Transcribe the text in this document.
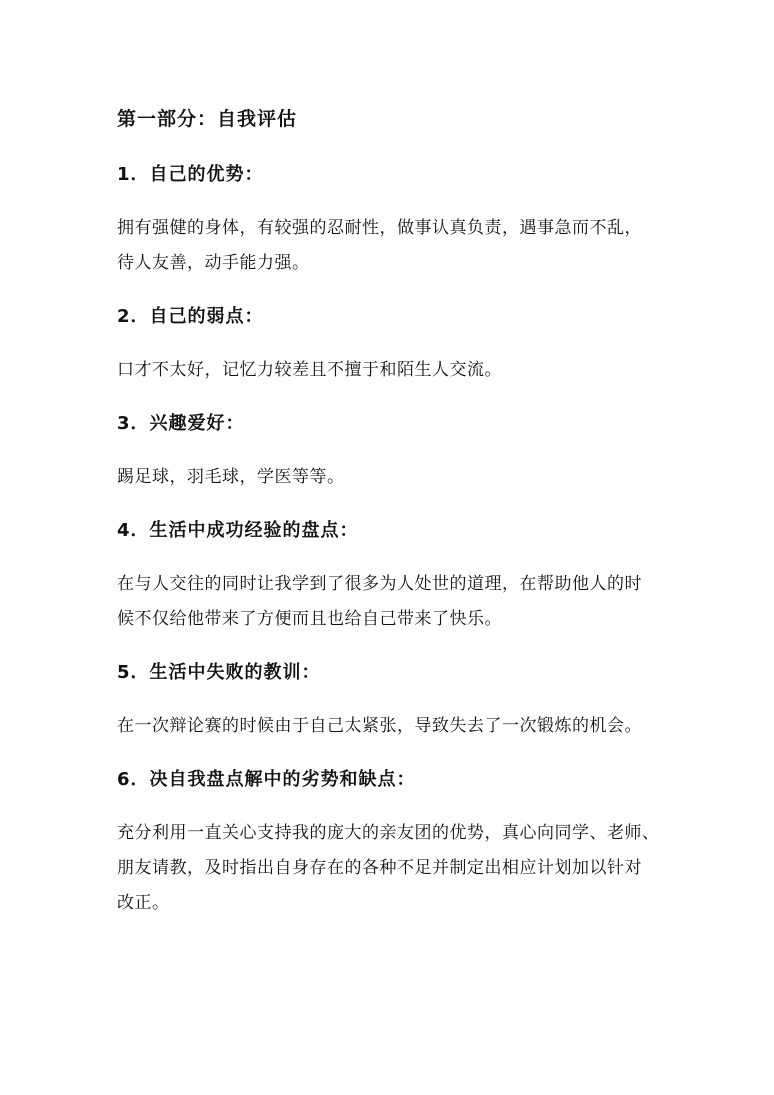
第一部分：自我评估
1．自己的优势：
拥有强健的身体，有较强的忍耐性，做事认真负责，遇事急而不乱，
待人友善，动手能力强。
2．自己的弱点：
口才不太好，记忆力较差且不擅于和陌生人交流。
3．兴趣爱好：
踢足球，羽毛球，学医等等。
4．生活中成功经验的盘点：
在与人交往的同时让我学到了很多为人处世的道理，在帮助他人的时
候不仅给他带来了方便而且也给自己带来了快乐。
5．生活中失败的教训：
在一次辩论赛的时候由于自己太紧张，导致失去了一次锻炼的机会。
6．决自我盘点解中的劣势和缺点：
充分利用一直关心支持我的庞大的亲友团的优势，真心向同学、老师、
朋友请教，及时指出自身存在的各种不足并制定出相应计划加以针对
改正。
